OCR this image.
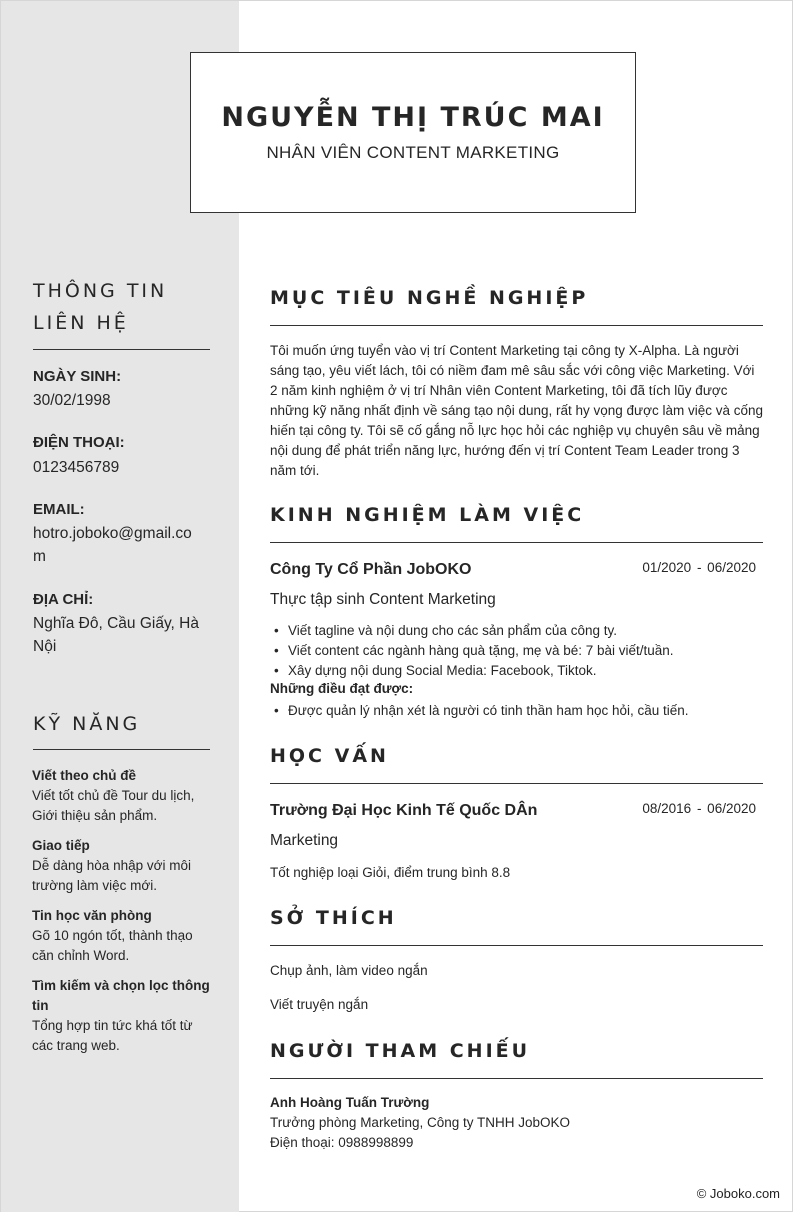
NGUYỄN THỊ TRÚC MAI
NHÂN VIÊN CONTENT MARKETING
THÔNG TIN LIÊN HỆ
NGÀY SINH:
30/02/1998
ĐIỆN THOẠI:
0123456789
EMAIL:
hotro.joboko@gmail.com
ĐỊA CHỈ:
Nghĩa Đô, Cầu Giấy, Hà Nội
KỸ NĂNG
Viết theo chủ đề
Viết tốt chủ đề Tour du lịch, Giới thiệu sản phẩm.
Giao tiếp
Dễ dàng hòa nhập với môi trường làm việc mới.
Tin học văn phòng
Gõ 10 ngón tốt, thành thạo căn chỉnh Word.
Tìm kiếm và chọn lọc thông tin
Tổng hợp tin tức khá tốt từ các trang web.
MỤC TIÊU NGHỀ NGHIỆP
Tôi muốn ứng tuyển vào vị trí Content Marketing tại công ty X-Alpha. Là người sáng tạo, yêu viết lách, tôi có niềm đam mê sâu sắc với công việc Marketing. Với 2 năm kinh nghiệm ở vị trí Nhân viên Content Marketing, tôi đã tích lũy được những kỹ năng nhất định về sáng tạo nội dung, rất hy vọng được làm việc và cống hiến tại công ty. Tôi sẽ cố gắng nỗ lực học hỏi các nghiệp vụ chuyên sâu về mảng nội dung để phát triển năng lực, hướng đến vị trí Content Team Leader trong 3 năm tới.
KINH NGHIỆM LÀM VIỆC
Công Ty Cổ Phần JobOKO	01/2020 - 06/2020
Thực tập sinh Content Marketing
• Viết tagline và nội dung cho các sản phẩm của công ty.
• Viết content các ngành hàng quà tặng, mẹ và bé: 7 bài viết/tuần.
• Xây dựng nội dung Social Media: Facebook, Tiktok.
Những điều đạt được:
• Được quản lý nhận xét là người có tinh thần ham học hỏi, cầu tiến.
HỌC VẤN
Trường Đại Học Kinh Tế Quốc DÂn	08/2016 - 06/2020
Marketing
Tốt nghiệp loại Giỏi, điểm trung bình 8.8
SỞ THÍCH
Chụp ảnh, làm video ngắn
Viết truyện ngắn
NGƯỜI THAM CHIẾU
Anh Hoàng Tuấn Trường
Trưởng phòng Marketing, Công ty TNHH JobOKO
Điện thoại: 0988998899
© Joboko.com
